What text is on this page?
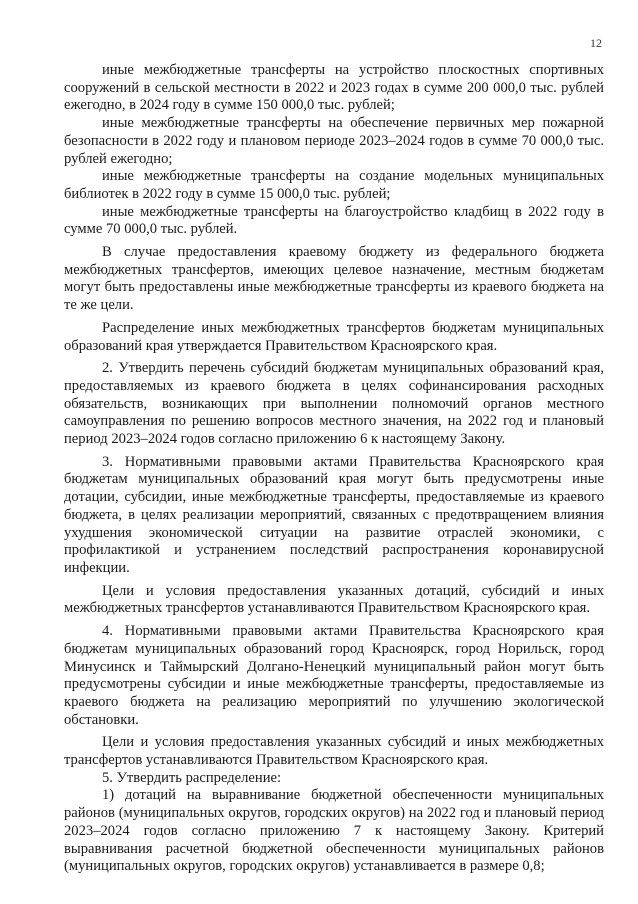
12

иные межбюджетные трансферты на устройство плоскостных спортивных сооружений в сельской местности в 2022 и 2023 годах в сумме 200 000,0 тыс. рублей ежегодно, в 2024 году в сумме 150 000,0 тыс. рублей;

иные межбюджетные трансферты на обеспечение первичных мер пожарной безопасности в 2022 году и плановом периоде 2023–2024 годов в сумме 70 000,0 тыс. рублей ежегодно;

иные межбюджетные трансферты на создание модельных муниципальных библиотек в 2022 году в сумме 15 000,0 тыс. рублей;

иные межбюджетные трансферты на благоустройство кладбищ в 2022 году в сумме 70 000,0 тыс. рублей.

В случае предоставления краевому бюджету из федерального бюджета межбюджетных трансфертов, имеющих целевое назначение, местным бюджетам могут быть предоставлены иные межбюджетные трансферты из краевого бюджета на те же цели.

Распределение иных межбюджетных трансфертов бюджетам муниципальных образований края утверждается Правительством Красноярского края.

2. Утвердить перечень субсидий бюджетам муниципальных образований края, предоставляемых из краевого бюджета в целях софинансирования расходных обязательств, возникающих при выполнении полномочий органов местного самоуправления по решению вопросов местного значения, на 2022 год и плановый период 2023–2024 годов согласно приложению 6 к настоящему Закону.

3. Нормативными правовыми актами Правительства Красноярского края бюджетам муниципальных образований края могут быть предусмотрены иные дотации, субсидии, иные межбюджетные трансферты, предоставляемые из краевого бюджета, в целях реализации мероприятий, связанных с предотвращением влияния ухудшения экономической ситуации на развитие отраслей экономики, с профилактикой и устранением последствий распространения коронавирусной инфекции.

Цели и условия предоставления указанных дотаций, субсидий и иных межбюджетных трансфертов устанавливаются Правительством Красноярского края.

4. Нормативными правовыми актами Правительства Красноярского края бюджетам муниципальных образований город Красноярск, город Норильск, город Минусинск и Таймырский Долгано-Ненецкий муниципальный район могут быть предусмотрены субсидии и иные межбюджетные трансферты, предоставляемые из краевого бюджета на реализацию мероприятий по улучшению экологической обстановки.

Цели и условия предоставления указанных субсидий и иных межбюджетных трансфертов устанавливаются Правительством Красноярского края.

5. Утвердить распределение:

1) дотаций на выравнивание бюджетной обеспеченности муниципальных районов (муниципальных округов, городских округов) на 2022 год и плановый период 2023–2024 годов согласно приложению 7 к настоящему Закону. Критерий выравнивания расчетной бюджетной обеспеченности муниципальных районов (муниципальных округов, городских округов) устанавливается в размере 0,8;
